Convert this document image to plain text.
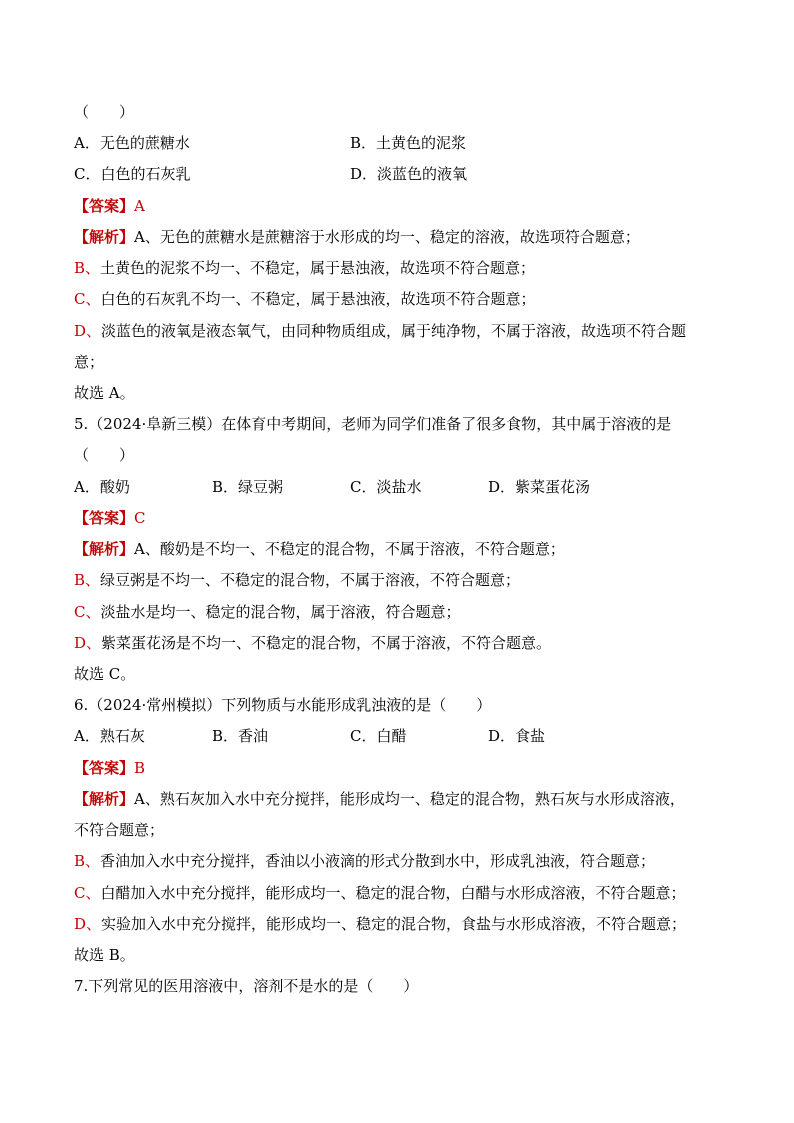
（　　）
A．无色的蔗糖水	B．土黄色的泥浆
C．白色的石灰乳	D．淡蓝色的液氧
【答案】A
【解析】A、无色的蔗糖水是蔗糖溶于水形成的均一、稳定的溶液，故选项符合题意；
B、土黄色的泥浆不均一、不稳定，属于悬浊液，故选项不符合题意；
C、白色的石灰乳不均一、不稳定，属于悬浊液，故选项不符合题意；
D、淡蓝色的液氧是液态氧气，由同种物质组成，属于纯净物，不属于溶液，故选项不符合题
意；
故选 A。
5.（2024·阜新三模）在体育中考期间，老师为同学们准备了很多食物，其中属于溶液的是
（　　）
A．酸奶	B．绿豆粥	C．淡盐水	D．紫菜蛋花汤
【答案】C
【解析】A、酸奶是不均一、不稳定的混合物，不属于溶液，不符合题意；
B、绿豆粥是不均一、不稳定的混合物，不属于溶液，不符合题意；
C、淡盐水是均一、稳定的混合物，属于溶液，符合题意；
D、紫菜蛋花汤是不均一、不稳定的混合物，不属于溶液，不符合题意。
故选 C。
6.（2024·常州模拟）下列物质与水能形成乳浊液的是（　　）
A．熟石灰	B．香油	C．白醋	D．食盐
【答案】B
【解析】A、熟石灰加入水中充分搅拌，能形成均一、稳定的混合物，熟石灰与水形成溶液，
不符合题意；
B、香油加入水中充分搅拌，香油以小液滴的形式分散到水中，形成乳浊液，符合题意；
C、白醋加入水中充分搅拌，能形成均一、稳定的混合物，白醋与水形成溶液，不符合题意；
D、实验加入水中充分搅拌，能形成均一、稳定的混合物，食盐与水形成溶液，不符合题意；
故选 B。
7.下列常见的医用溶液中，溶剂不是水的是（　　）
